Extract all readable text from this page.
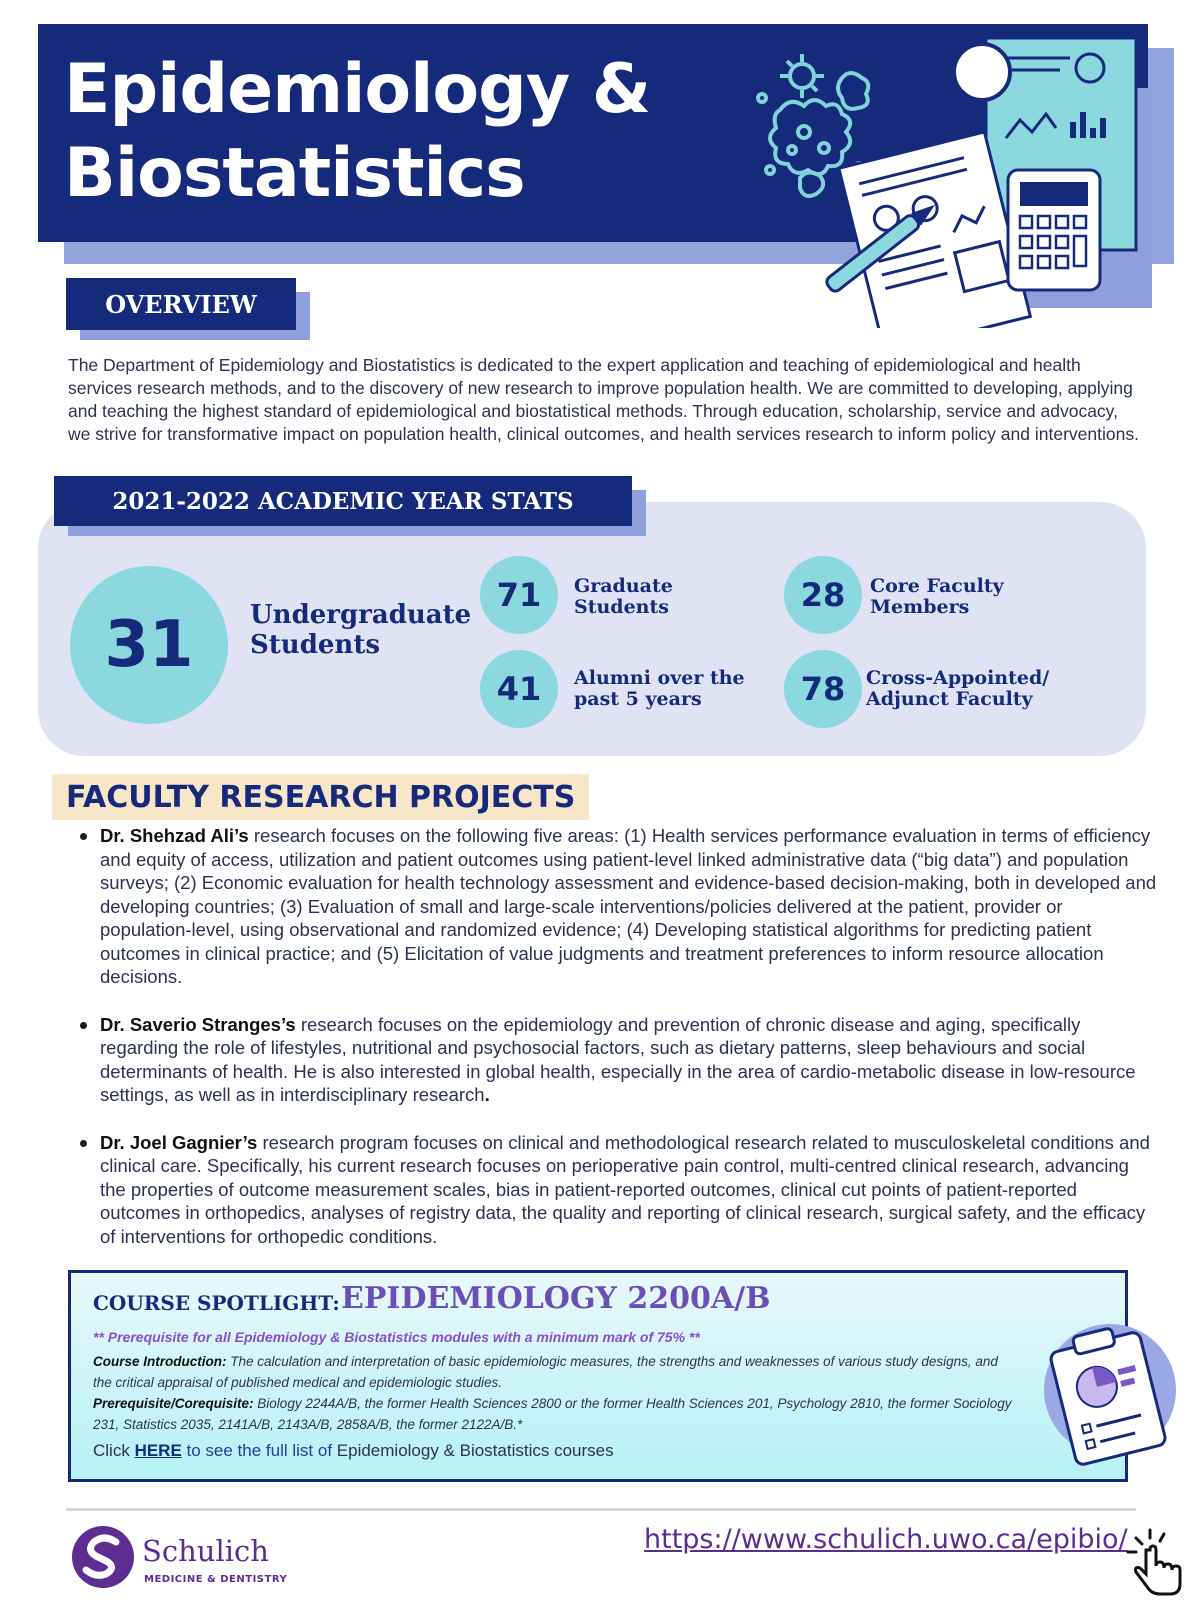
Epidemiology &
Biostatistics
OVERVIEW

The Department of Epidemiology and Biostatistics is dedicated to the expert application and teaching of epidemiological and health services research methods, and to the discovery of new research to improve population health. We are committed to developing, applying and teaching the highest standard of epidemiological and biostatistical methods. Through education, scholarship, service and advocacy, we strive for transformative impact on population health, clinical outcomes, and health services research to inform policy and interventions.

2021-2022 ACADEMIC YEAR STATS
31	Undergraduate
Students
71	Graduate
Students
41	Alumni over the
past 5 years
28	Core Faculty
Members
78	Cross-Appointed/
Adjunct Faculty
FACULTY RESEARCH PROJECTS
Dr. Shehzad Ali’s research focuses on the following five areas: (1) Health services performance evaluation in terms of efficiency and equity of access, utilization and patient outcomes using patient-level linked administrative data (“big data”) and population surveys; (2) Economic evaluation for health technology assessment and evidence-based decision-making, both in developed and developing countries; (3) Evaluation of small and large-scale interventions/policies delivered at the patient, provider or population-level, using observational and randomized evidence; (4) Developing statistical algorithms for predicting patient outcomes in clinical practice; and (5) Elicitation of value judgments and treatment preferences to inform resource allocation decisions.
Dr. Saverio Stranges’s research focuses on the epidemiology and prevention of chronic disease and aging, specifically regarding the role of lifestyles, nutritional and psychosocial factors, such as dietary patterns, sleep behaviours and social determinants of health. He is also interested in global health, especially in the area of cardio-metabolic disease in low-resource settings, as well as in interdisciplinary research.
Dr. Joel Gagnier’s research program focuses on clinical and methodological research related to musculoskeletal conditions and clinical care. Specifically, his current research focuses on perioperative pain control, multi-centred clinical research, advancing the properties of outcome measurement scales, bias in patient-reported outcomes, clinical cut points of patient-reported outcomes in orthopedics, analyses of registry data, the quality and reporting of clinical research, surgical safety, and the efficacy of interventions for orthopedic conditions.
COURSE SPOTLIGHT: EPIDEMIOLOGY 2200A/B
** Prerequisite for all Epidemiology & Biostatistics modules with a minimum mark of 75% **
Course Introduction: The calculation and interpretation of basic epidemiologic measures, the strengths and weaknesses of various study designs, and the critical appraisal of published medical and epidemiologic studies.
Prerequisite/Corequisite: Biology 2244A/B, the former Health Sciences 2800 or the former Health Sciences 201, Psychology 2810, the former Sociology 231, Statistics 2035, 2141A/B, 2143A/B, 2858A/B, the former 2122A/B.*
Click HERE to see the full list of Epidemiology & Biostatistics courses
Schulich
MEDICINE & DENTISTRY
https://www.schulich.uwo.ca/epibio/
